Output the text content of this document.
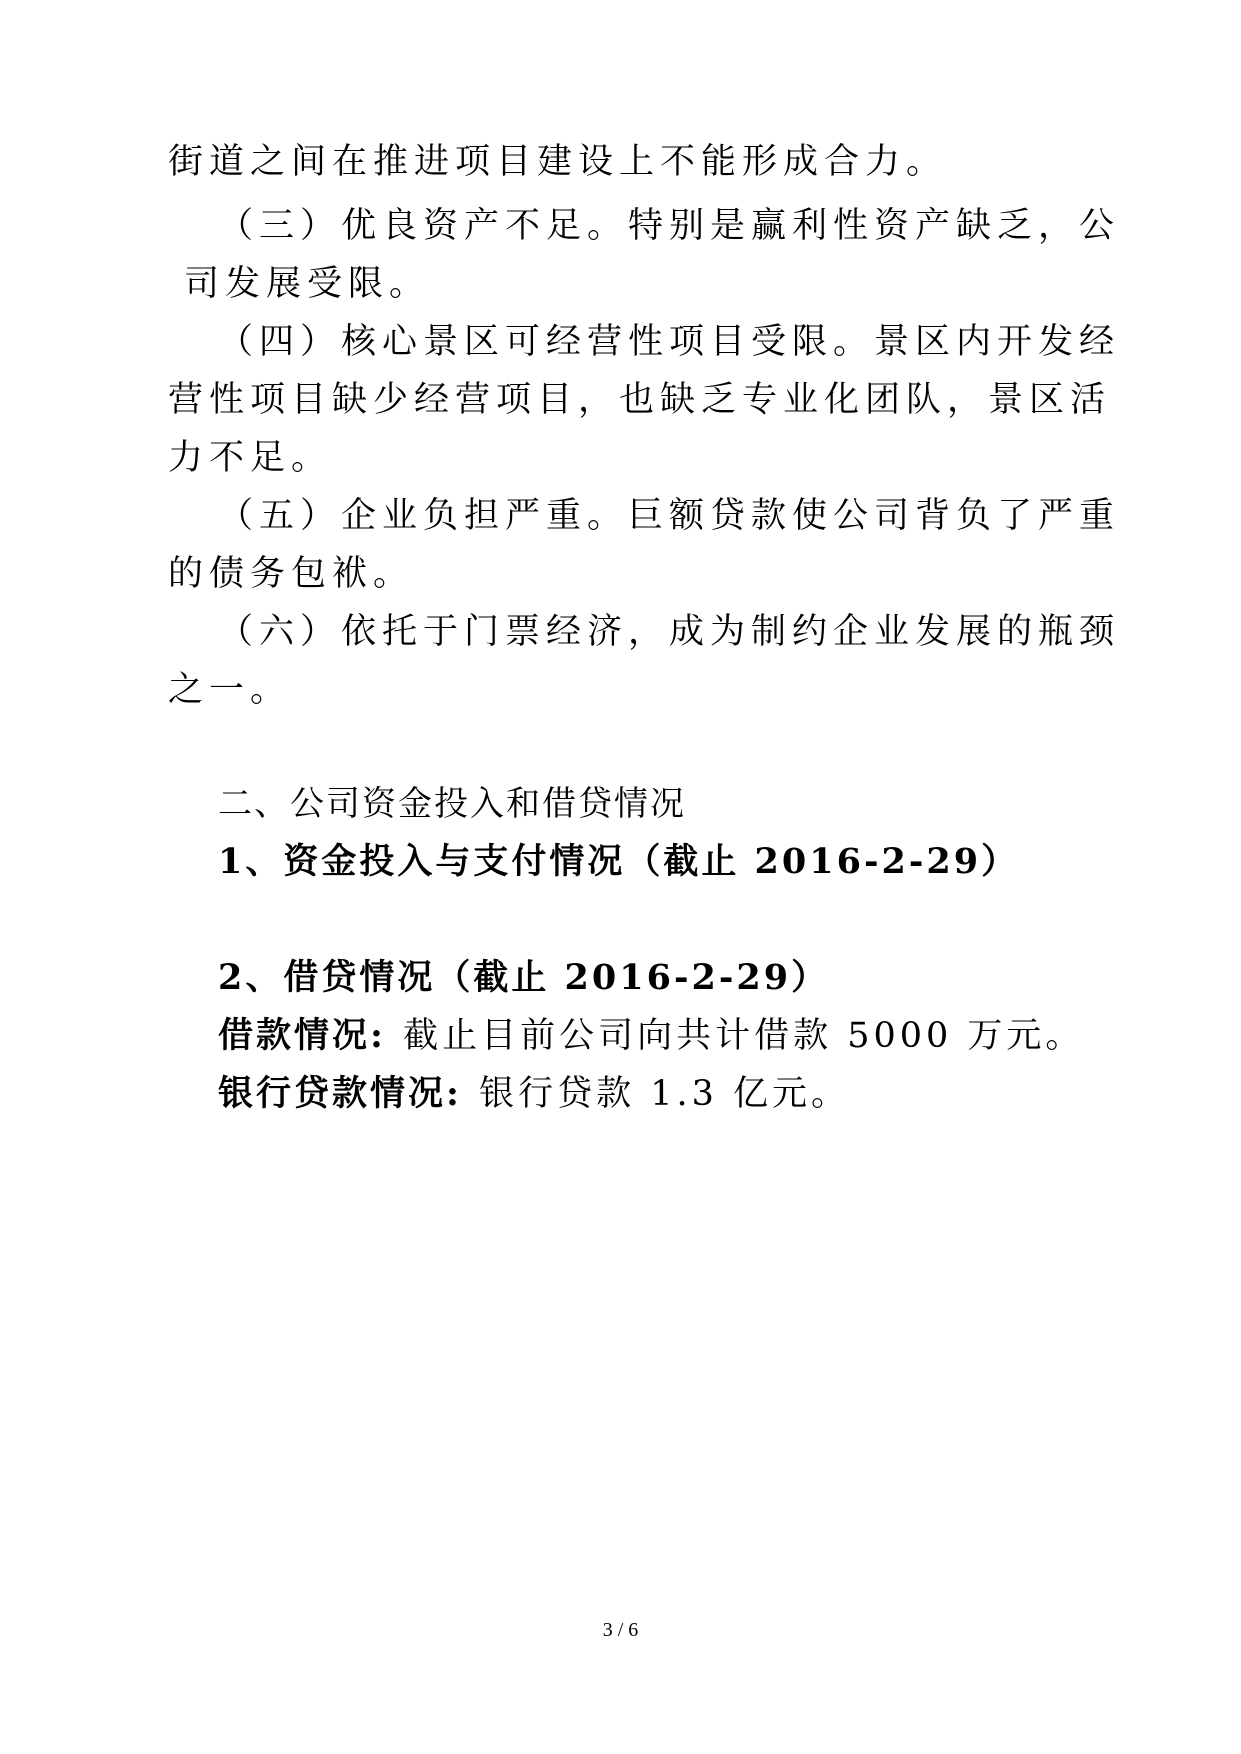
街道之间在推进项目建设上不能形成合力。
（三）优良资产不足。特别是赢利性资产缺乏，公
司发展受限。
（四）核心景区可经营性项目受限。景区内开发经
营性项目缺少经营项目，也缺乏专业化团队，景区活
力不足。
（五）企业负担严重。巨额贷款使公司背负了严重
的债务包袱。
（六）依托于门票经济，成为制约企业发展的瓶颈
之一。
二、公司资金投入和借贷情况
1、资金投入与支付情况（截止 2016-2-29）
2、借贷情况（截止 2016-2-29）
借款情况: 截止目前公司向共计借款 5000 万元。
银行贷款情况: 银行贷款 1.3 亿元。
3 / 6
